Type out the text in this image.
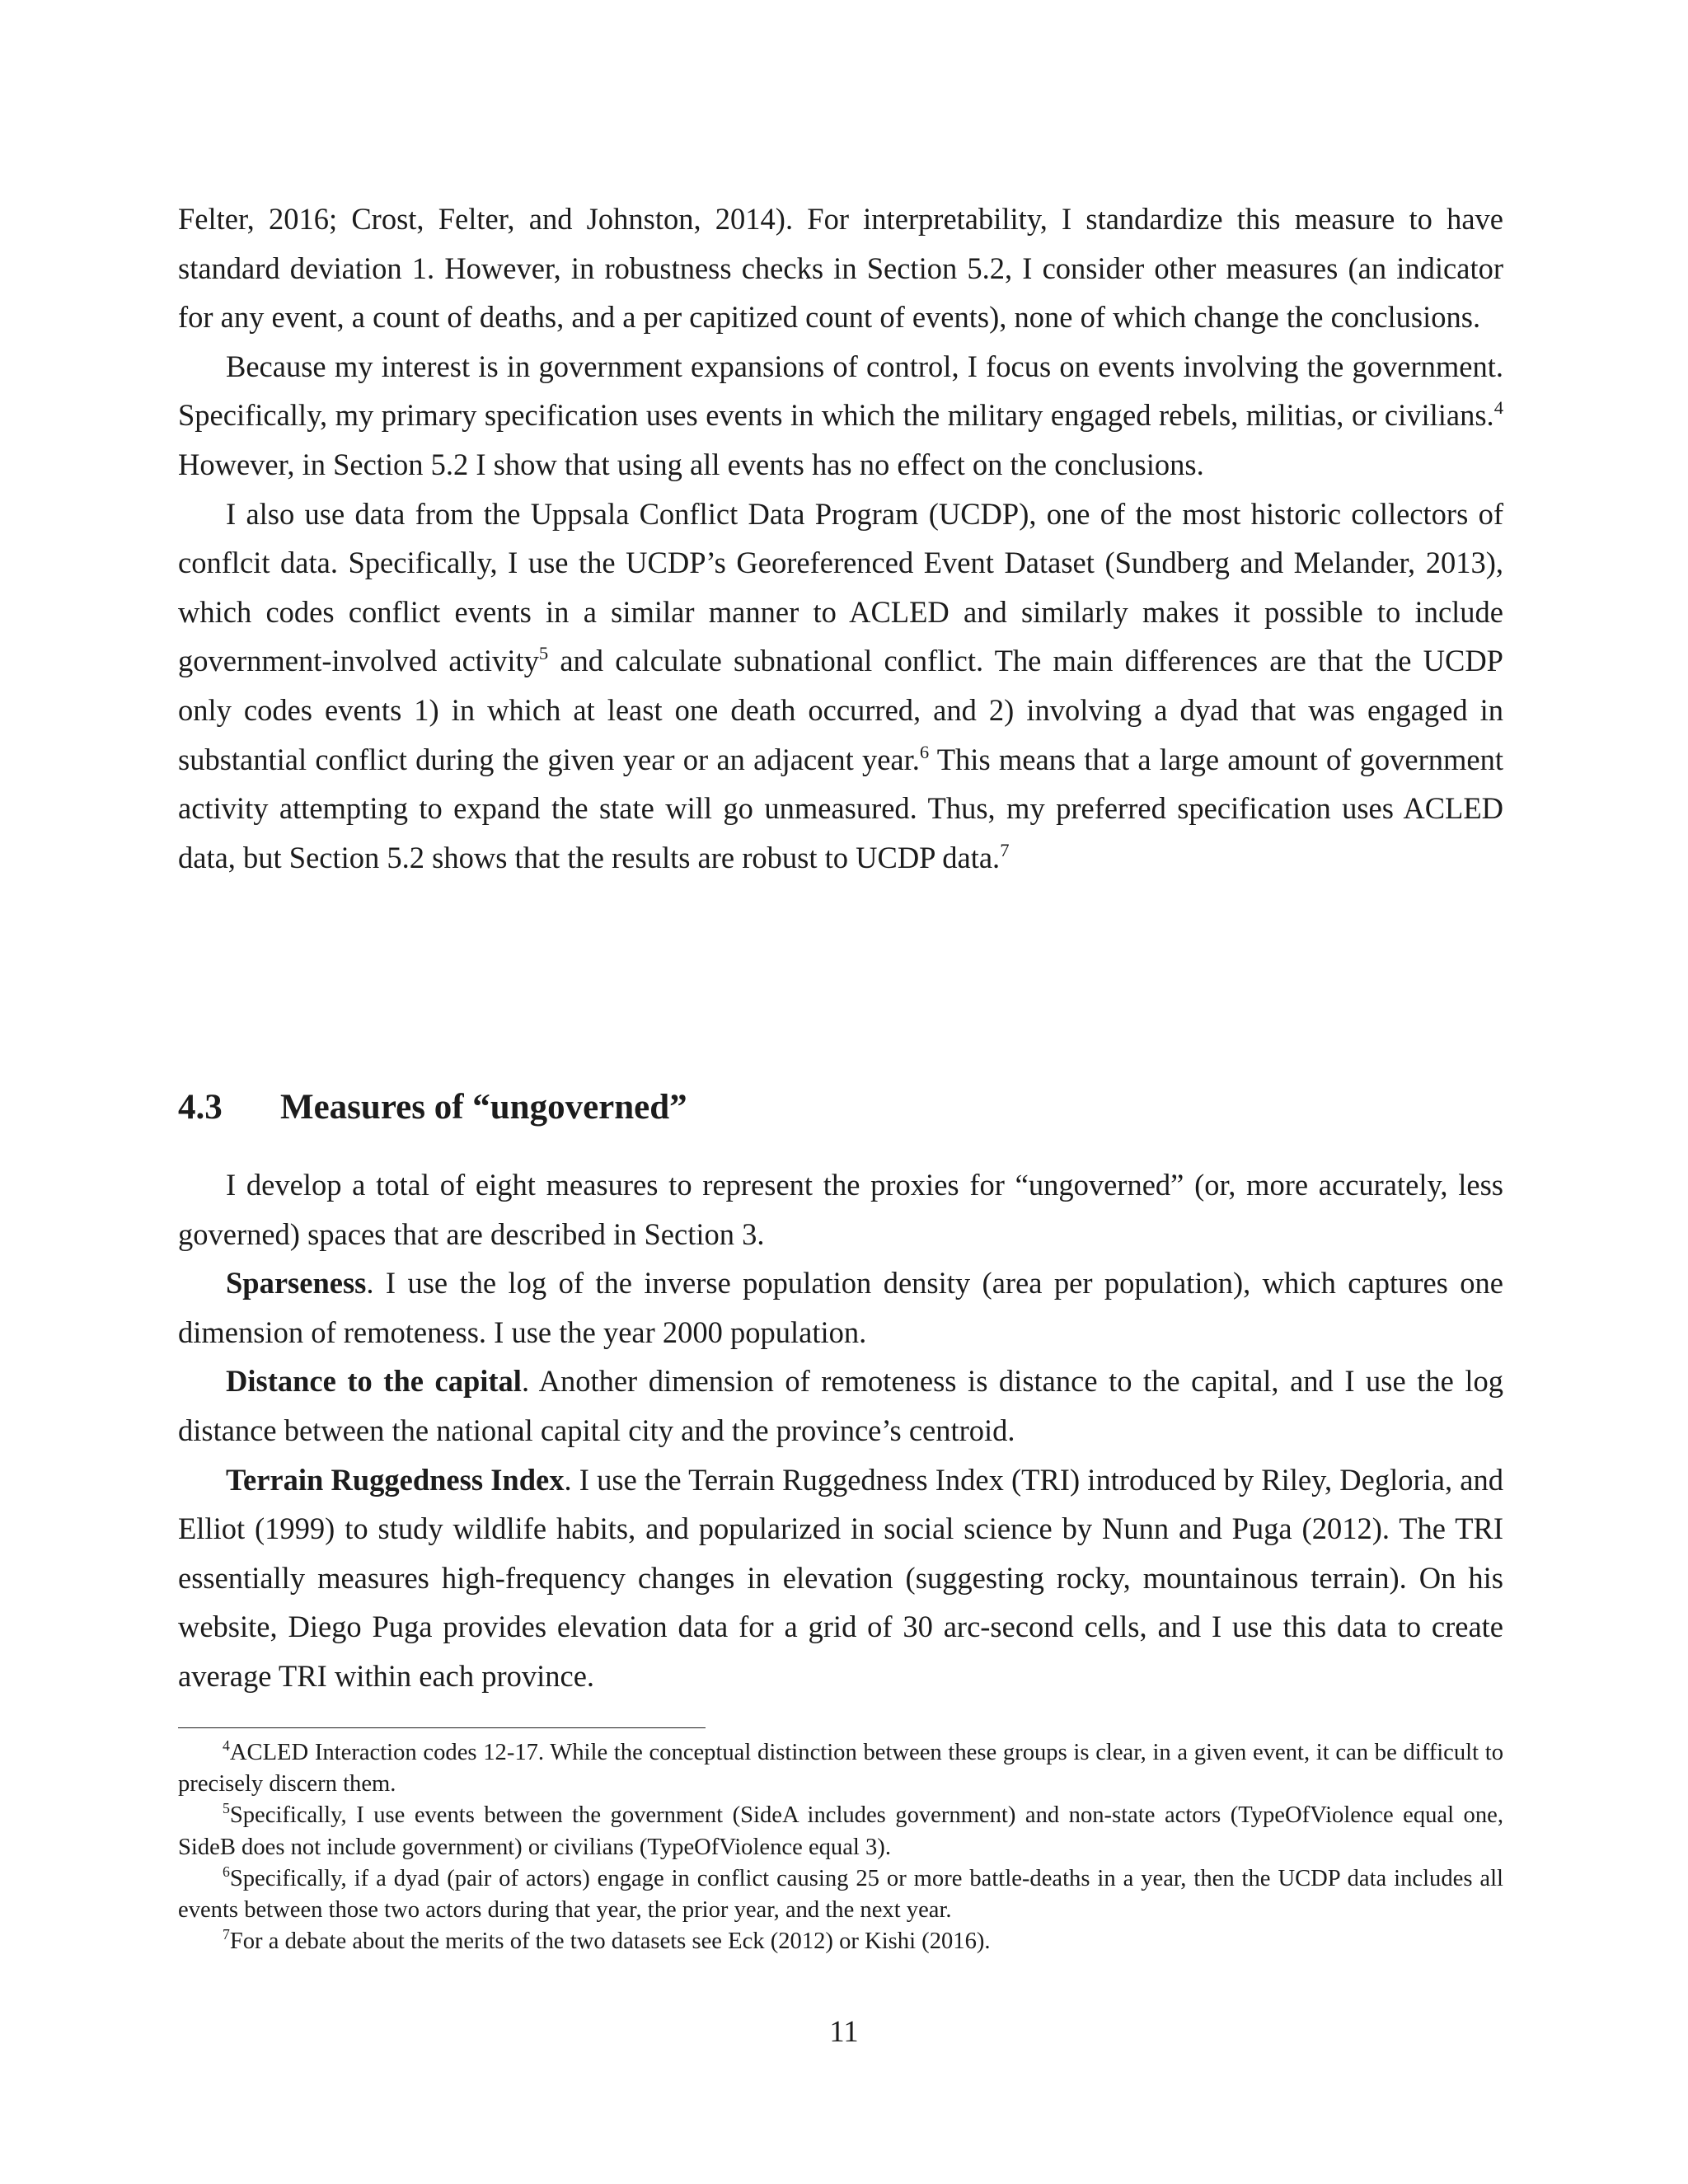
Felter, 2016; Crost, Felter, and Johnston, 2014). For interpretability, I standardize this measure to have standard deviation 1. However, in robustness checks in Section 5.2, I consider other measures (an indicator for any event, a count of deaths, and a per capitized count of events), none of which change the conclusions.

Because my interest is in government expansions of control, I focus on events involving the government. Specifically, my primary specification uses events in which the military engaged rebels, militias, or civilians.$^4$ However, in Section 5.2 I show that using all events has no effect on the conclusions.

I also use data from the Uppsala Conflict Data Program (UCDP), one of the most historic collectors of conflcit data. Specifically, I use the UCDP’s Georeferenced Event Dataset (Sundberg and Melander, 2013), which codes conflict events in a similar manner to ACLED and similarly makes it possible to include government-involved activity$^5$ and calculate subnational conflict. The main differences are that the UCDP only codes events 1) in which at least one death occurred, and 2) involving a dyad that was engaged in substantial conflict during the given year or an adjacent year.$^6$ This means that a large amount of government activity attempting to expand the state will go unmeasured. Thus, my preferred specification uses ACLED data, but Section 5.2 shows that the results are robust to UCDP data.$^7$

4.3 Measures of “ungoverned”

I develop a total of eight measures to represent the proxies for “ungoverned” (or, more accurately, less governed) spaces that are described in Section 3.

Sparseness. I use the log of the inverse population density (area per population), which captures one dimension of remoteness. I use the year 2000 population.

Distance to the capital. Another dimension of remoteness is distance to the capital, and I use the log distance between the national capital city and the province’s centroid.

Terrain Ruggedness Index. I use the Terrain Ruggedness Index (TRI) introduced by Riley, Degloria, and Elliot (1999) to study wildlife habits, and popularized in social science by Nunn and Puga (2012). The TRI essentially measures high-frequency changes in elevation (suggesting rocky, mountainous terrain). On his website, Diego Puga provides elevation data for a grid of 30 arc-second cells, and I use this data to create average TRI within each province.

$^4$ACLED Interaction codes 12-17. While the conceptual distinction between these groups is clear, in a given event, it can be difficult to precisely discern them.

$^5$Specifically, I use events between the government (SideA includes government) and non-state actors (TypeOfViolence equal one, SideB does not include government) or civilians (TypeOfViolence equal 3).

$^6$Specifically, if a dyad (pair of actors) engage in conflict causing 25 or more battle-deaths in a year, then the UCDP data includes all events between those two actors during that year, the prior year, and the next year.

$^7$For a debate about the merits of the two datasets see Eck (2012) or Kishi (2016).

11
